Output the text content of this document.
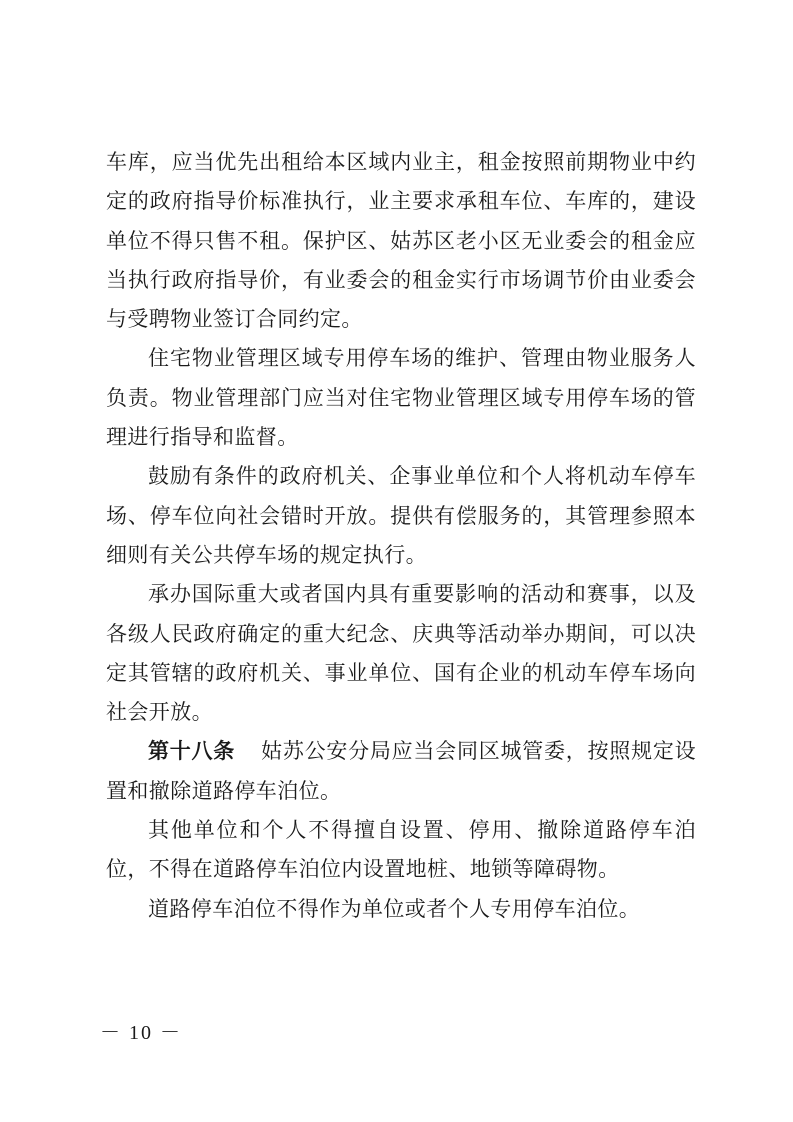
车库，应当优先出租给本区域内业主，租金按照前期物业中约定的政府指导价标准执行，业主要求承租车位、车库的，建设单位不得只售不租。保护区、姑苏区老小区无业委会的租金应当执行政府指导价，有业委会的租金实行市场调节价由业委会与受聘物业签订合同约定。

住宅物业管理区域专用停车场的维护、管理由物业服务人负责。物业管理部门应当对住宅物业管理区域专用停车场的管理进行指导和监督。

鼓励有条件的政府机关、企事业单位和个人将机动车停车场、停车位向社会错时开放。提供有偿服务的，其管理参照本细则有关公共停车场的规定执行。

承办国际重大或者国内具有重要影响的活动和赛事，以及各级人民政府确定的重大纪念、庆典等活动举办期间，可以决定其管辖的政府机关、事业单位、国有企业的机动车停车场向社会开放。

第十八条 姑苏公安分局应当会同区城管委，按照规定设置和撤除道路停车泊位。

其他单位和个人不得擅自设置、停用、撤除道路停车泊位，不得在道路停车泊位内设置地桩、地锁等障碍物。

道路停车泊位不得作为单位或者个人专用停车泊位。

－ 10 －
